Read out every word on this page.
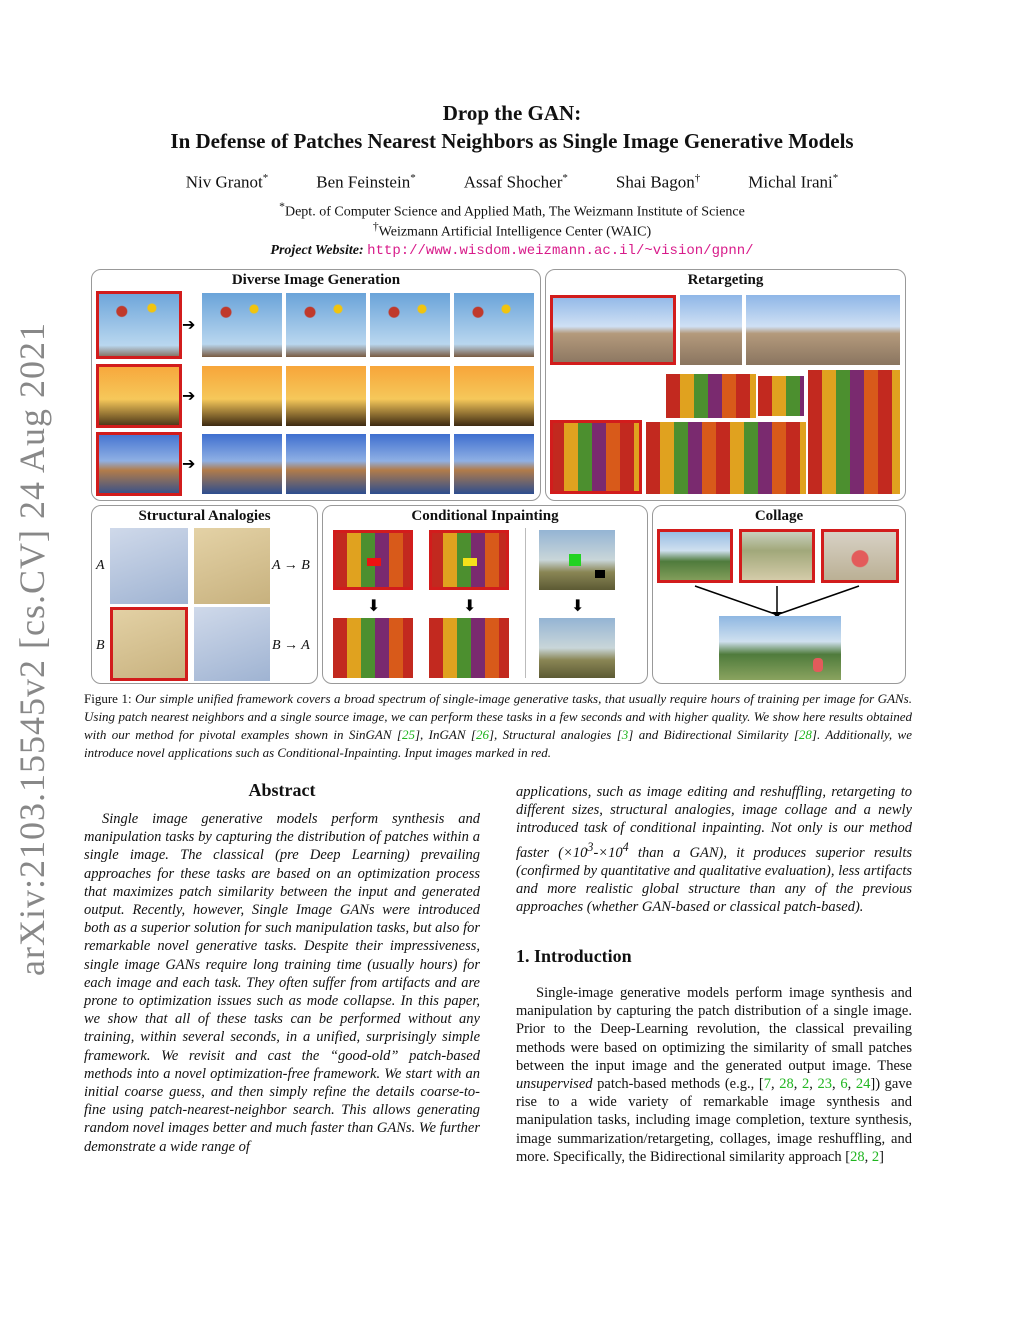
Drop the GAN:
In Defense of Patches Nearest Neighbors as Single Image Generative Models
Niv Granot*	Ben Feinstein*	Assaf Shocher*	Shai Bagon†	Michal Irani*
*Dept. of Computer Science and Applied Math, The Weizmann Institute of Science
†Weizmann Artificial Intelligence Center (WAIC)
Project Website: http://www.wisdom.weizmann.ac.il/~vision/gpnn/
arXiv:2103.15545v2 [cs.CV] 24 Aug 2021
Diverse Image Generation
➔
➔
➔
Retargeting
Structural Analogies
A	A → B
B	B → A
Conditional Inpainting
⬇	⬇	⬇
Collage
Figure 1: Our simple unified framework covers a broad spectrum of single-image generative tasks, that usually require hours of training per image for GANs. Using patch nearest neighbors and a single source image, we can perform these tasks in a few seconds and with higher quality. We show here results obtained with our method for pivotal examples shown in SinGAN [25], InGAN [26], Structural analogies [3] and Bidirectional Similarity [28]. Additionally, we introduce novel applications such as Conditional-Inpainting. Input images marked in red.
Abstract
Single image generative models perform synthesis and manipulation tasks by capturing the distribution of patches within a single image. The classical (pre Deep Learning) prevailing approaches for these tasks are based on an optimization process that maximizes patch similarity between the input and generated output. Recently, however, Single Image GANs were introduced both as a superior solution for such manipulation tasks, but also for remarkable novel generative tasks. Despite their impressiveness, single image GANs require long training time (usually hours) for each image and each task. They often suffer from artifacts and are prone to optimization issues such as mode collapse. In this paper, we show that all of these tasks can be performed without any training, within several seconds, in a unified, surprisingly simple framework. We revisit and cast the “good-old” patch-based methods into a novel optimization-free framework. We start with an initial coarse guess, and then simply refine the details coarse-to-fine using patch-nearest-neighbor search. This allows generating random novel images better and much faster than GANs. We further demonstrate a wide range of
applications, such as image editing and reshuffling, retargeting to different sizes, structural analogies, image collage and a newly introduced task of conditional inpainting. Not only is our method faster ($\times 10^3-\times 10^4$ than a GAN), it produces superior results (confirmed by quantitative and qualitative evaluation), less artifacts and more realistic global structure than any of the previous approaches (whether GAN-based or classical patch-based).
1. Introduction
Single-image generative models perform image synthesis and manipulation by capturing the patch distribution of a single image. Prior to the Deep-Learning revolution, the classical prevailing methods were based on optimizing the similarity of small patches between the input image and the generated output image. These unsupervised patch-based methods (e.g., [7, 28, 2, 23, 6, 24]) gave rise to a wide variety of remarkable image synthesis and manipulation tasks, including image completion, texture synthesis, image summarization/retargeting, collages, image reshuffling, and more. Specifically, the Bidirectional similarity approach [28, 2]
